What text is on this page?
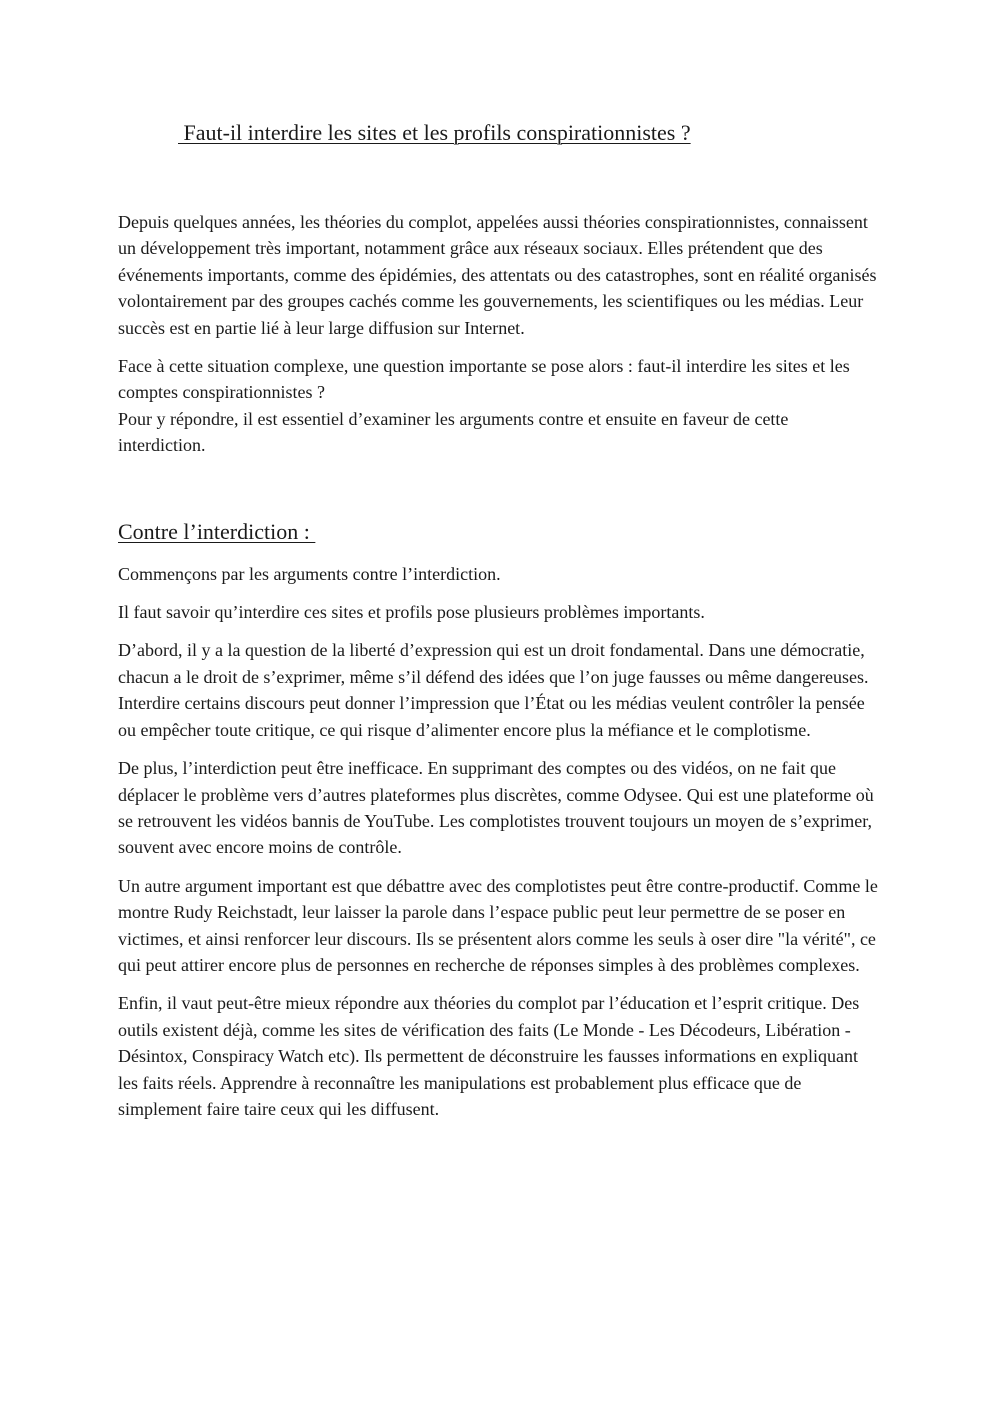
Faut-il interdire les sites et les profils conspirationnistes ?

Depuis quelques années, les théories du complot, appelées aussi théories conspirationnistes, connaissent un développement très important, notamment grâce aux réseaux sociaux. Elles prétendent que des événements importants, comme des épidémies, des attentats ou des catastrophes, sont en réalité organisés volontairement par des groupes cachés comme les gouvernements, les scientifiques ou les médias. Leur succès est en partie lié à leur large diffusion sur Internet.

Face à cette situation complexe, une question importante se pose alors : faut-il interdire les sites et les comptes conspirationnistes ?

Pour y répondre, il est essentiel d’examiner les arguments contre et ensuite en faveur de cette interdiction.

Contre l’interdiction :

Commençons par les arguments contre l’interdiction.

Il faut savoir qu’interdire ces sites et profils pose plusieurs problèmes importants.

D’abord, il y a la question de la liberté d’expression qui est un droit fondamental. Dans une démocratie, chacun a le droit de s’exprimer, même s’il défend des idées que l’on juge fausses ou même dangereuses. Interdire certains discours peut donner l’impression que l’État ou les médias veulent contrôler la pensée ou empêcher toute critique, ce qui risque d’alimenter encore plus la méfiance et le complotisme.

De plus, l’interdiction peut être inefficace. En supprimant des comptes ou des vidéos, on ne fait que déplacer le problème vers d’autres plateformes plus discrètes, comme Odysee. Qui est une plateforme où se retrouvent les vidéos bannis de YouTube. Les complotistes trouvent toujours un moyen de s’exprimer, souvent avec encore moins de contrôle.

Un autre argument important est que débattre avec des complotistes peut être contre-productif. Comme le montre Rudy Reichstadt, leur laisser la parole dans l’espace public peut leur permettre de se poser en victimes, et ainsi renforcer leur discours. Ils se présentent alors comme les seuls à oser dire "la vérité", ce qui peut attirer encore plus de personnes en recherche de réponses simples à des problèmes complexes.

Enfin, il vaut peut-être mieux répondre aux théories du complot par l’éducation et l’esprit critique. Des outils existent déjà, comme les sites de vérification des faits (Le Monde - Les Décodeurs, Libération - Désintox, Conspiracy Watch etc). Ils permettent de déconstruire les fausses informations en expliquant les faits réels. Apprendre à reconnaître les manipulations est probablement plus efficace que de simplement faire taire ceux qui les diffusent.
